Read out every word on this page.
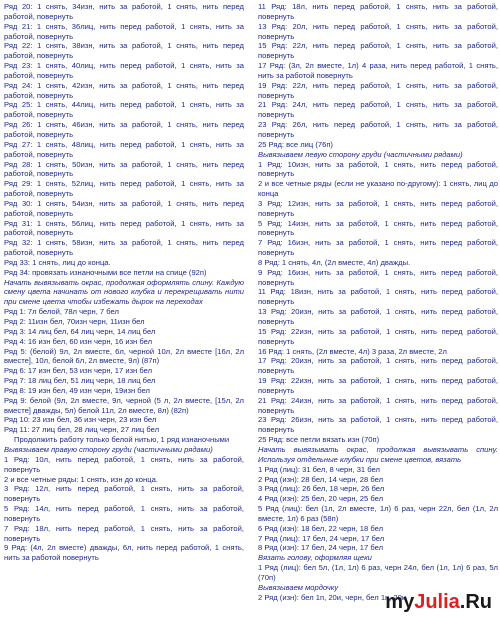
Ряд 20: 1 снять, 34изн, нить за работой, 1 снять, нить перед работой, повернуть

Ряд 21: 1 снять, 36лиц, нить перед работой, 1 снять, нить за работой, повернуть

Ряд 22: 1 снять, 38изн, нить за работой, 1 снять, нить перед работой, повернуть

Ряд 23: 1 снять, 40лиц, нить перед работой, 1 снять, нить за работой, повернуть

Ряд 24: 1 снять, 42изн, нить за работой, 1 снять, нить перед работой, повернуть

Ряд 25: 1 снять, 44лиц, нить перед работой, 1 снять, нить за работой, повернуть

Ряд 26: 1 снять, 46изн, нить за работой, 1 снять, нить перед работой, повернуть

Ряд 27: 1 снять, 48лиц, нить перед работой, 1 снять, нить за работой, повернуть

Ряд 28: 1 снять, 50изн, нить за работой, 1 снять, нить перед работой, повернуть

Ряд 29: 1 снять, 52лиц, нить перед работой, 1 снять, нить за работой, повернуть

Ряд 30: 1 снять, 54изн, нить за работой, 1 снять, нить перед работой, повернуть

Ряд 31: 1 снять, 56лиц, нить перед работой, 1 снять, нить за работой, повернуть

Ряд 32: 1 снять, 58изн, нить за работой, 1 снять, нить перед работой, повернуть

Ряд 33: 1 снять, лиц до конца.

Ряд 34: провязать изнаночными все петли на спице (92п)

Начать вывязывать окрас, продолжая оформлять спину. Каждую смену цвета начинать от нового клубка и перекрещивать нити при смене цвета чтобы избежать дырок на переходах

Ряд 1: 7л белой, 78л черн, 7 бел

Ряд 2: 11изн бел, 70изн черн, 11изн бел

Ряд 3: 14 лиц бел, 64 лиц черн, 14 лиц бел

Ряд 4: 16 изн бел, 60 изн черн, 16 изн бел

Ряд 5: (белой) 9л, 2л вместе, 6л, черной 10л, 2л вместе [16л, 2л вместе], 10л, белой 6л, 2л вместе, 9л) (87п)

Ряд 6: 17 изн бел, 53 изн черн, 17 изн бел

Ряд 7: 18 лиц бел, 51 лиц черн, 18 лиц бел

Ряд 8: 19 изн бел, 49 изн черн, 19изн бел

Ряд 9: белой (9л, 2л вместе, 9л, черной (5 л, 2л вместе, [15л, 2л вместе] дважды, 5л) белой 11л, 2л вместе, 8л) (82п)

Ряд 10: 23 изн бел, 36 изн черн, 23 изн бел

Ряд 11: 27 лиц бел, 28 лиц черн, 27 лиц бел

Продолжить работу только белой нитью, 1 ряд изнаночными

Вывязываем правую сторону груди (частичными рядами)

1 Ряд: 10л, нить перед работой, 1 снять, нить за работой, повернуть

2 и все четные ряды: 1 снять, изн до конца.

3 Ряд: 12л, нить перед работой, 1 снять, нить за работой, повернуть

5 Ряд: 14л, нить перед работой, 1 снять, нить за работой, повернуть

7 Ряд: 18л, нить перед работой, 1 снять, нить за работой, повернуть

9 Ряд: (4л, 2л вместе) дважды, 6л, нить перед работой, 1 снять, нить за работой повернуть

11 Ряд: 18л, нить перед работой, 1 снять, нить за работой, повернуть

13 Ряд: 20л, нить перед работой, 1 снять, нить за работой, повернуть

15 Ряд: 22л, нить перед работой, 1 снять, нить за работой, повернуть

17 Ряд: (3л, 2л вместе, 1л) 4 раза, нить перед работой, 1 снять, нить за работой повернуть

19 Ряд: 22л, нить перед работой, 1 снять, нить за работой, повернуть

21 Ряд: 24л, нить перед работой, 1 снять, нить за работой, повернуть

23 Ряд: 26л, нить перед работой, 1 снять, нить за работой, повернуть

25 Ряд: все лиц (76п)

Вывязываем левую сторону груди (частичными рядами)

1 Ряд: 10изн, нить за работой, 1 снять, нить перед работой, повернуть

2 и все четные ряды (если не указано по-другому): 1 снять, лиц до конца

3 Ряд: 12изн, нить за работой, 1 снять, нить перед работой, повернуть

5 Ряд: 14изн, нить за работой, 1 снять, нить перед работой, повернуть

7 Ряд: 16изн, нить за работой, 1 снять, нить перед работой, повернуть

8 Ряд: 1 снять, 4л, (2л вместе, 4л) дважды.

9 Ряд: 16изн, нить за работой, 1 снять, нить перед работой, повернуть

11 Ряд: 18изн, нить за работой, 1 снять, нить перед работой, повернуть

13 Ряд: 20изн, нить за работой, 1 снять, нить перед работой, повернуть

15 Ряд: 22изн, нить за работой, 1 снять, нить перед работой, повернуть

16 Ряд: 1 снять, (2л вместе, 4л) 3 раза, 2л вместе, 2л

17 Ряд: 20изн, нить за работой, 1 снять, нить перед работой, повернуть

19 Ряд: 22изн, нить за работой, 1 снять, нить перед работой, повернуть

21 Ряд: 24изн, нить за работой, 1 снять, нить перед работой, повернуть

23 Ряд: 26изн, нить за работой, 1 снять, нить перед работой, повернуть

25 Ряд: все петли вязать изн (70п)

Начать вывязывать окрас, продолжая вывязывать спину. Используя отдельные клубки при смене цветов, вязать

1 Ряд (лиц): 31 бел, 8 черн, 31 бел

2 Ряд (изн): 28 бел, 14 черн, 28 бел

3 Ряд (лиц): 26 бел, 18 черн, 26 бел

4 Ряд (изн): 25 бел, 20 черн, 25 бел

5 Ряд (лиц): бел (1л, 2л вместе, 1л) 6 раз, черн 22л, бел (1л, 2л вместе, 1л) 6 раз (58п)

6 Ряд (изн): 18 бел, 22 черн, 18 бел

7 Ряд (лиц): 17 бел, 24 черн, 17 бел

8 Ряд (изн): 17 бел, 24 черн, 17 бел

Вязать голову, оформляя щеки

1 Ряд (лиц): бел 5л, (1л, 1л) 6 раз, черн 24л, бел (1л, 1л) 6 раз, 5л (70п)

Вывязываем мордочку

2 Ряд (изн): бел 1п, 20и, черн, бел 1п, 20и

myJulia.Ru
